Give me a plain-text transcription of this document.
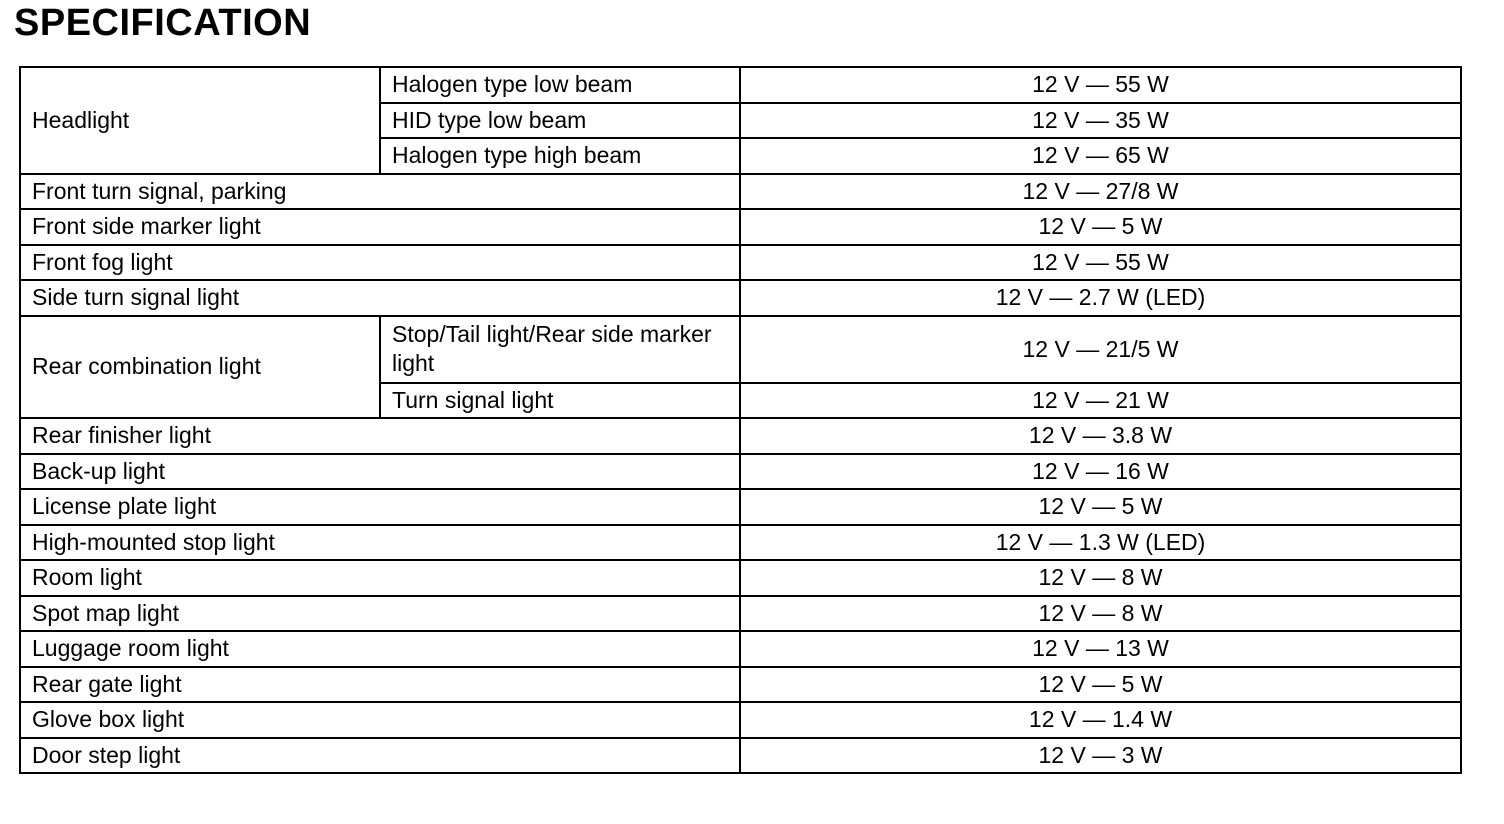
SPECIFICATION
Headlight	Halogen type low beam	12 V — 55 W
	HID type low beam	12 V — 35 W
	Halogen type high beam	12 V — 65 W
Front turn signal, parking		12 V — 27/8 W
Front side marker light		12 V — 5 W
Front fog light		12 V — 55 W
Side turn signal light		12 V — 2.7 W (LED)
Rear combination light	Stop/Tail light/Rear side marker light	12 V — 21/5 W
	Turn signal light	12 V — 21 W
Rear finisher light		12 V — 3.8 W
Back-up light		12 V — 16 W
License plate light		12 V — 5 W
High-mounted stop light		12 V — 1.3 W (LED)
Room light		12 V — 8 W
Spot map light		12 V — 8 W
Luggage room light		12 V — 13 W
Rear gate light		12 V — 5 W
Glove box light		12 V — 1.4 W
Door step light		12 V — 3 W
